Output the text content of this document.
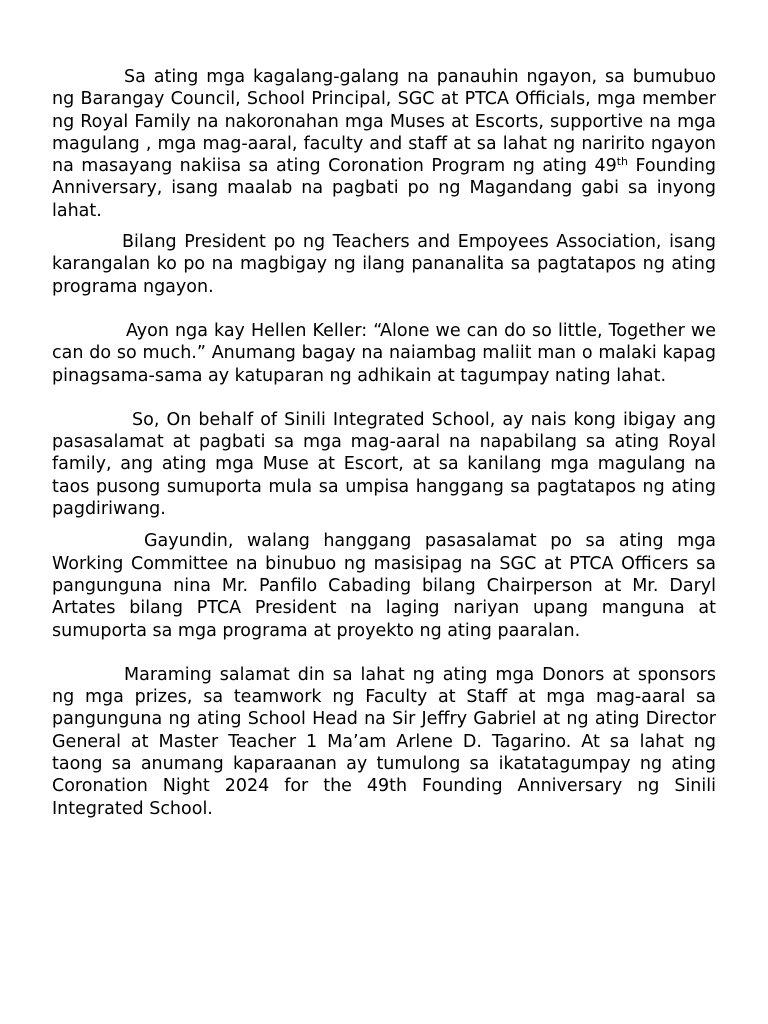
Sa ating mga kagalang-galang na panauhin ngayon, sa bumubuo ng Barangay Council, School Principal, SGC at PTCA Officials, mga member ng Royal Family na nakoronahan mga Muses at Escorts, supportive na mga magulang , mga mag-aaral, faculty and staff at sa lahat ng naririto ngayon na masayang nakiisa sa ating Coronation Program ng ating 49th Founding Anniversary, isang maalab na pagbati po ng Magandang gabi sa inyong lahat.

Bilang President po ng Teachers and Empoyees Association, isang karangalan ko po na magbigay ng ilang pananalita sa pagtatapos ng ating programa ngayon.

Ayon nga kay Hellen Keller: “Alone we can do so little, Together we can do so much.” Anumang bagay na naiambag maliit man o malaki kapag pinagsama-sama ay katuparan ng adhikain at tagumpay nating lahat.

So, On behalf of Sinili Integrated School, ay nais kong ibigay ang pasasalamat at pagbati sa mga mag-aaral na napabilang sa ating Royal family, ang ating mga Muse at Escort, at sa kanilang mga magulang na taos pusong sumuporta mula sa umpisa hanggang sa pagtatapos ng ating pagdiriwang.

Gayundin, walang hanggang pasasalamat po sa ating mga Working Committee na binubuo ng masisipag na SGC at PTCA Officers sa pangunguna nina Mr. Panfilo Cabading bilang Chairperson at Mr. Daryl Artates bilang PTCA President na laging nariyan upang manguna at sumuporta sa mga programa at proyekto ng ating paaralan.

Maraming salamat din sa lahat ng ating mga Donors at sponsors ng mga prizes, sa teamwork ng Faculty at Staff at mga mag-aaral sa pangunguna ng ating School Head na Sir Jeffry Gabriel at ng ating Director General at Master Teacher 1 Ma’am Arlene D. Tagarino. At sa lahat ng taong sa anumang kaparaanan ay tumulong sa ikatatagumpay ng ating Coronation Night 2024 for the 49th Founding Anniversary ng Sinili Integrated School.
